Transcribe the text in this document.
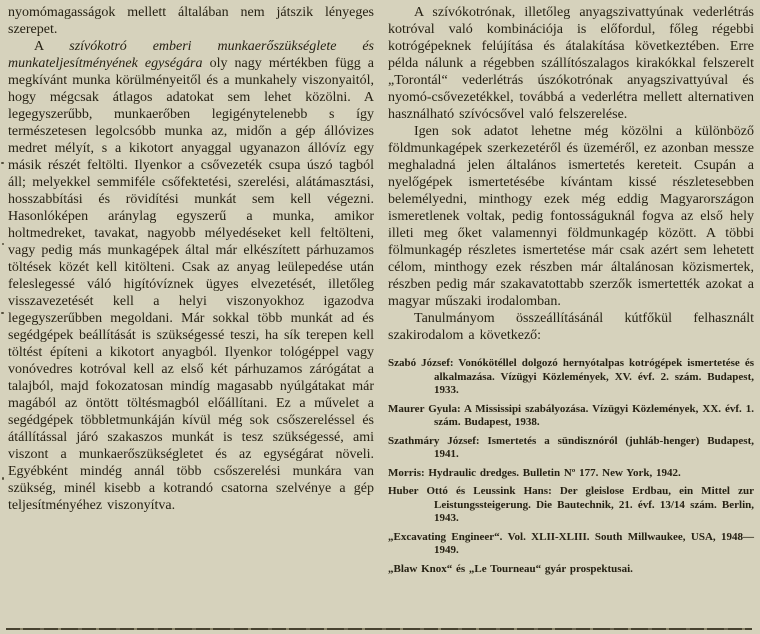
nyomómagasságok mellett általában nem játszik lényeges szerepet.

A szívókotró emberi munkaerőszükséglete és munkateljesítményének egységára oly nagy mértékben függ a megkívánt munka körülményeitől és a munkahely viszonyaitól, hogy mégcsak átlagos adatokat sem lehet közölni. A legegyszerűbb, munkaerőben legigénytelenebb s így természetesen legolcsóbb munka az, midőn a gép állóvizes medret mélyít, s a kikotort anyaggal ugyanazon állóvíz egy másik részét feltölti. Ilyenkor a csővezeték csupa úszó tagból áll; melyekkel semmiféle csőfektetési, szerelési, alátámasztási, hosszabbítási és rövidítési munkát sem kell végezni. Hasonlóképen aránylag egyszerű a munka, amikor holtmedreket, tavakat, nagyobb mélyedéseket kell feltölteni, vagy pedig más munkagépek által már elkészített párhuzamos töltések közét kell kitölteni. Csak az anyag leülepedése után feleslegessé váló higítóvíznek ügyes elvezetését, illetőleg visszavezetését kell a helyi viszonyokhoz igazodva legegyszerűbben megoldani. Már sokkal több munkát ad és segédgépek beállítását is szükségessé teszi, ha sík terepen kell töltést építeni a kikotort anyagból. Ilyenkor tológéppel vagy vonóvedres kotróval kell az első két párhuzamos zárógátat a talajból, majd fokozatosan mindíg magasabb nyúlgátakat már magából az öntött töltésmagból előállítani. Ez a művelet a segédgépek többletmunkáján kívül még sok csőszereléssel és átállítással járó szakaszos munkát is tesz szükségessé, ami viszont a munkaerőszükségletet és az egységárat növeli. Egyébként mindég annál több csőszerelési munkára van szükség, minél kisebb a kotrandó csatorna szelvénye a gép teljesítményéhez viszonyítva.

A szívókotrónak, illetőleg anyagszivattyúnak vederlétrás kotróval való kombinációja is előfordul, főleg régebbi kotrógépeknek felújítása és átalakítása következtében. Erre példa nálunk a régebben szállítószalagos kirakókkal felszerelt „Torontál“ vederlétrás úszókotrónak anyagszivattyúval és nyomó-csővezetékkel, továbbá a vederlétra mellett alternativen használható szívócsővel való felszerelése.

Igen sok adatot lehetne még közölni a különböző földmunkagépek szerkezetéről és üzeméről, ez azonban messze meghaladná jelen általános ismertetés kereteit. Csupán a nyelőgépek ismertetésébe kívántam kissé részletesebben belemélyedni, minthogy ezek még eddig Magyarországon ismeretlenek voltak, pedig fontosságuknál fogva az első hely illeti meg őket valamennyi földmunkagép között. A többi fölmunkagép részletes ismertetése már csak azért sem lehetett célom, minthogy ezek részben már általánosan közismertek, részben pedig már szakavatottabb szerzők ismertették azokat a magyar műszaki irodalomban.

Tanulmányom összeállításánál kútfőkül felhasznált szakirodalom a következő:

Szabó József: Vonókötéllel dolgozó hernyótalpas kotrógépek ismertetése és alkalmazása. Vízügyi Közlemények, XV. évf. 2. szám. Budapest, 1933.

Maurer Gyula: A Mississipi szabályozása. Vízügyi Közlemények, XX. évf. 1. szám. Budapest, 1938.

Szathmáry József: Ismertetés a sündisznóról (juhláb-henger) Budapest, 1941.

Morris: Hydraulic dredges. Bulletin Nº 177. New York, 1942.

Huber Ottó és Leussink Hans: Der gleislose Erdbau, ein Mittel zur Leistungssteigerung. Die Bautechnik, 21. évf. 13/14 szám. Berlin, 1943.

„Excavating Engineer“. Vol. XLII-XLIII. South Millwaukee, USA, 1948—1949.

„Blaw Knox“ és „Le Tourneau“ gyár prospektusai.
